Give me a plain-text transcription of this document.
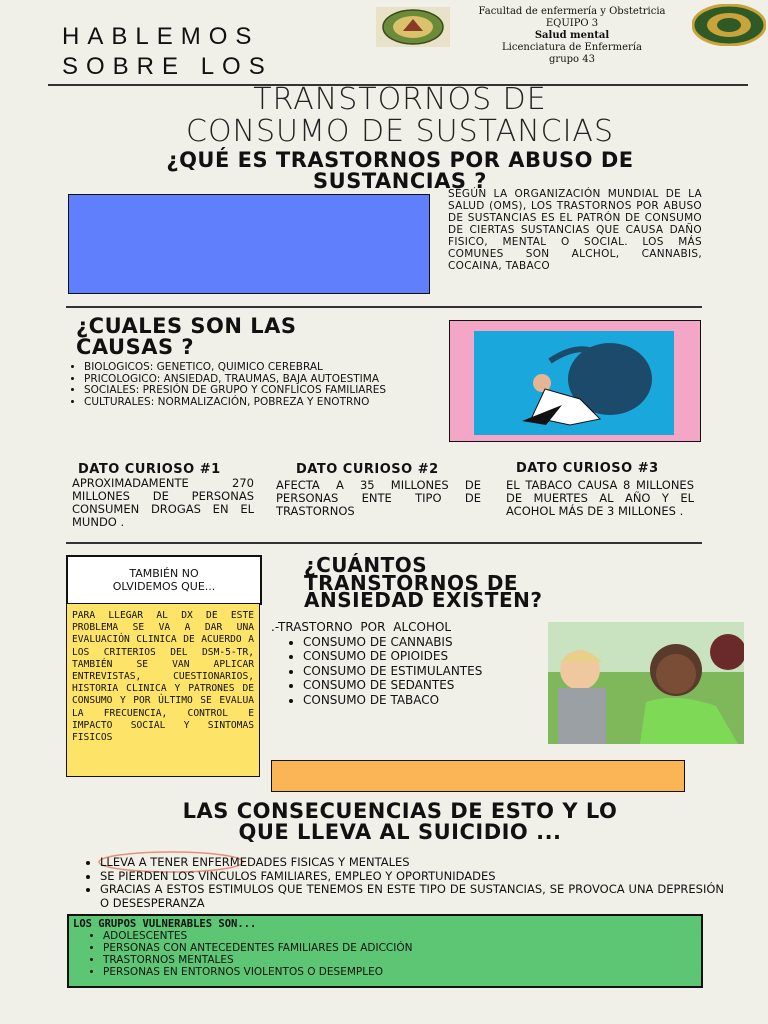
HABLEMOS
SOBRE LOS
Facultad de enfermería y Obstetricia
EQUIPO 3
Salud mental
Licenciatura de Enfermería
grupo 43
TRANSTORNOS DE
CONSUMO DE SUSTANCIAS
¿QUÉ ES TRASTORNOS POR ABUSO DE
SUSTANCIAS ?
SEGÚN LA ORGANIZACIÓN MUNDIAL DE LA SALUD (OMS), LOS TRASTORNOS POR ABUSO DE SUSTANCIAS ES EL PATRÓN DE CONSUMO DE CIERTAS SUSTANCIAS QUE CAUSA DAÑO FISICO, MENTAL O SOCIAL. LOS MÁS COMUNES SON ALCHOL, CANNABIS, COCAINA, TABACO
¿CUALES SON LAS
CAUSAS ?
• BIOLOGICOS: GENETICO, QUIMICO CEREBRAL
• PRICOLOGICO: ANSIEDAD, TRAUMAS, BAJA AUTOESTIMA
• SOCIALES: PRESIÓN DE GRUPO Y CONFLICOS FAMILIARES
• CULTURALES: NORMALIZACIÓN, POBREZA Y ENOTRNO
DATO CURIOSO #1
APROXIMADAMENTE 270 MILLONES DE PERSONAS CONSUMEN DROGAS EN EL MUNDO .
DATO CURIOSO #2
AFECTA A 35 MILLONES DE PERSONAS ENTE TIPO DE TRASTORNOS
DATO CURIOSO #3
EL TABACO CAUSA 8 MILLONES DE MUERTES AL AÑO Y EL ACOHOL MÁS DE 3 MILLONES .
TAMBIÉN NO
OLVIDEMOS QUE...
PARA LLEGAR AL DX DE ESTE PROBLEMA SE VA A DAR UNA EVALUACIÓN CLINICA DE ACUERDO A LOS CRITERIOS DEL DSM-5-TR, TAMBIÉN SE VAN APLICAR ENTREVISTAS, CUESTIONARIOS, HISTORIA CLINICA Y PATRONES DE CONSUMO Y POR ÚLTIMO SE EVALUA LA FRECUENCIA, CONTROL E IMPACTO SOCIAL Y SINTOMAS FISICOS
¿CUÁNTOS
TRANSTORNOS DE
ANSIEDAD EXISTEN?
.-TRASTORNO POR ALCOHOL
• CONSUMO DE CANNABIS
• CONSUMO DE OPIOIDES
• CONSUMO DE ESTIMULANTES
• CONSUMO DE SEDANTES
• CONSUMO DE TABACO
LAS CONSECUENCIAS DE ESTO Y LO
QUE LLEVA AL SUICIDIO ...
• LLEVA A TENER ENFERMEDADES FISICAS Y MENTALES
• SE PIERDEN LOS VINCULOS FAMILIARES, EMPLEO Y OPORTUNIDADES
• GRACIAS A ESTOS ESTIMULOS QUE TENEMOS EN ESTE TIPO DE SUSTANCIAS, SE PROVOCA UNA DEPRESIÓN O DESESPERANZA
LOS GRUPOS VULNERABLES SON...
• ADOLESCENTES
• PERSONAS CON ANTECEDENTES FAMILIARES DE ADICCIÓN
• TRASTORNOS MENTALES
• PERSONAS EN ENTORNOS VIOLENTOS O DESEMPLEO
